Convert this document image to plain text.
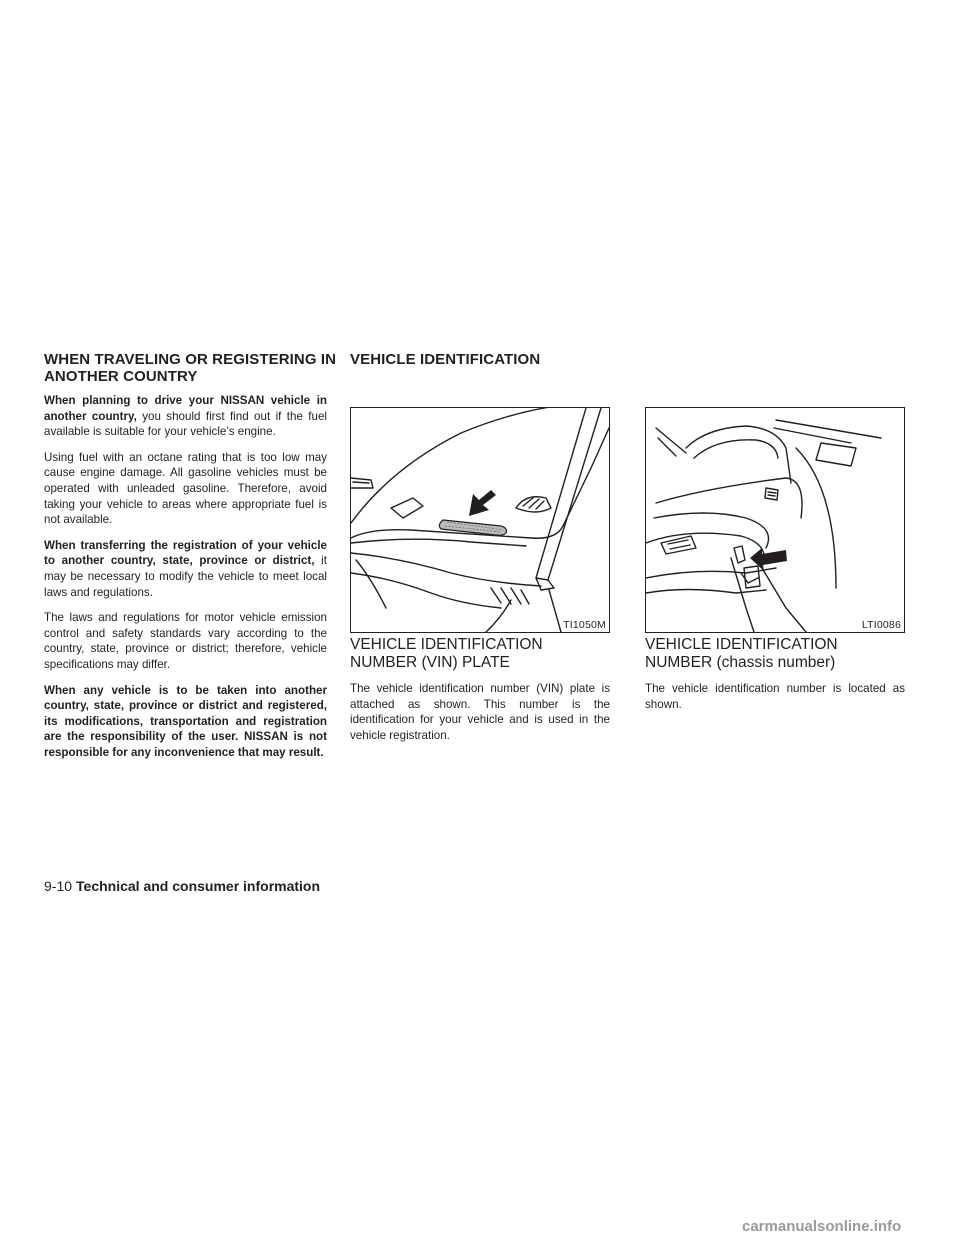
WHEN TRAVELING OR REGISTERING IN ANOTHER COUNTRY
VEHICLE IDENTIFICATION

When planning to drive your NISSAN vehicle in another country, you should first find out if the fuel available is suitable for your vehicle’s engine.

Using fuel with an octane rating that is too low may cause engine damage. All gasoline vehicles must be operated with unleaded gasoline. Therefore, avoid taking your vehicle to areas where appropriate fuel is not available.

When transferring the registration of your vehicle to another country, state, province or district, it may be necessary to modify the vehicle to meet local laws and regulations.

The laws and regulations for motor vehicle emission control and safety standards vary according to the country, state, province or district; therefore, vehicle specifications may differ.

When any vehicle is to be taken into another country, state, province or district and registered, its modifications, transportation and registration are the responsibility of the user. NISSAN is not responsible for any inconvenience that may result.

TI1050M	LTI0086
VEHICLE IDENTIFICATION NUMBER (VIN) PLATE

The vehicle identification number (VIN) plate is attached as shown. This number is the identification for your vehicle and is used in the vehicle registration.

VEHICLE IDENTIFICATION NUMBER (chassis number)

The vehicle identification number is located as shown.

9-10 Technical and consumer information
carmanualsonline.info
